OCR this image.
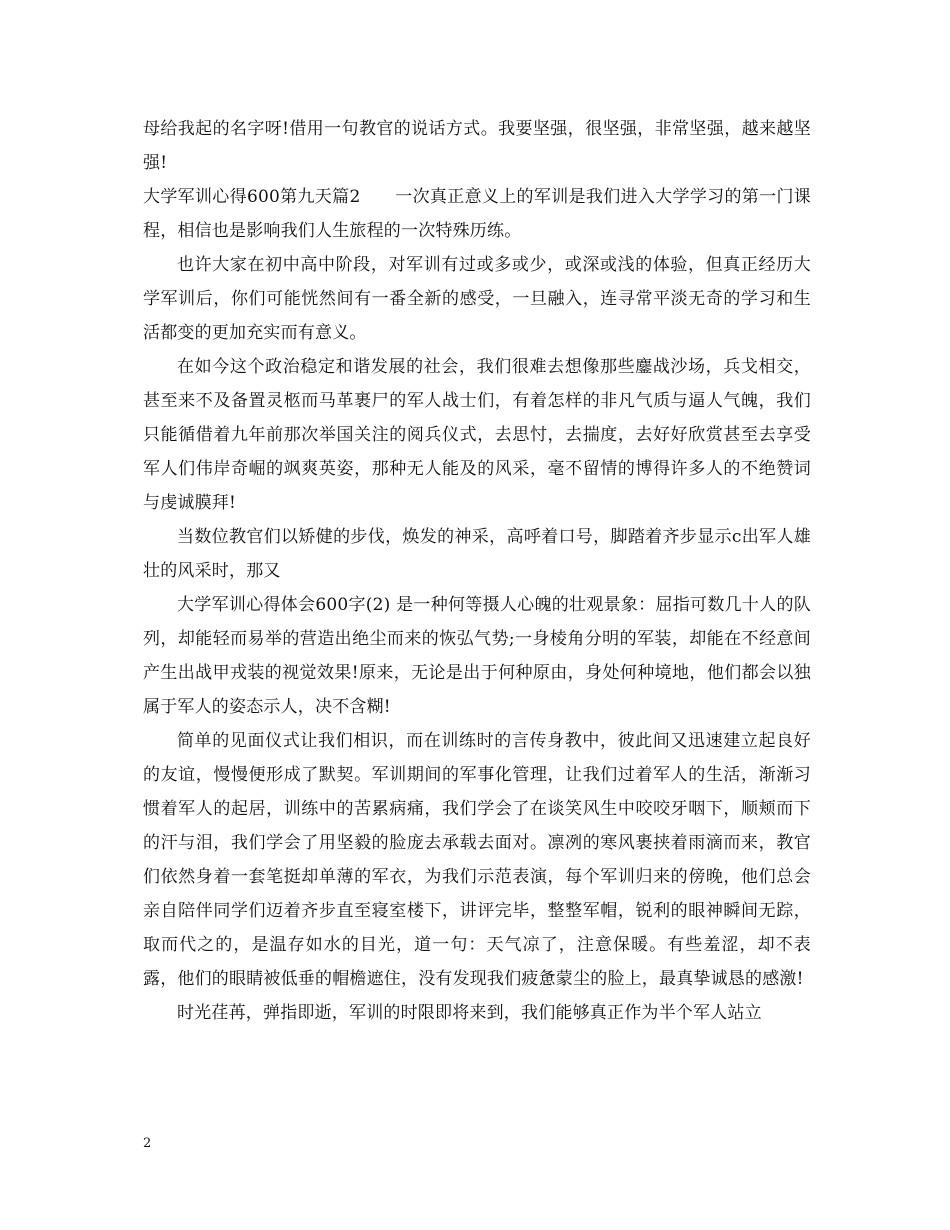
母给我起的名字呀!借用一句教官的说话方式。我要坚强，很坚强，非常坚强，越来越坚强!

大学军训心得600第九天篇2　　一次真正意义上的军训是我们进入大学学习的第一门课程，相信也是影响我们人生旅程的一次特殊历练。

也许大家在初中高中阶段，对军训有过或多或少，或深或浅的体验，但真正经历大学军训后，你们可能恍然间有一番全新的感受，一旦融入，连寻常平淡无奇的学习和生活都变的更加充实而有意义。

在如今这个政治稳定和谐发展的社会，我们很难去想像那些鏖战沙场，兵戈相交，甚至来不及备置灵柩而马革裹尸的军人战士们，有着怎样的非凡气质与逼人气魄，我们只能循借着九年前那次举国关注的阅兵仪式，去思忖，去揣度，去好好欣赏甚至去享受军人们伟岸奇崛的飒爽英姿，那种无人能及的风采，毫不留情的博得许多人的不绝赞词与虔诚膜拜!

当数位教官们以矫健的步伐，焕发的神采，高呼着口号，脚踏着齐步显示c出军人雄壮的风采时，那又

大学军训心得体会600字(2) 是一种何等摄人心魄的壮观景象：屈指可数几十人的队列，却能轻而易举的营造出绝尘而来的恢弘气势;一身棱角分明的军装，却能在不经意间产生出战甲戎装的视觉效果!原来，无论是出于何种原由，身处何种境地，他们都会以独属于军人的姿态示人，决不含糊!

简单的见面仪式让我们相识，而在训练时的言传身教中，彼此间又迅速建立起良好的友谊，慢慢便形成了默契。军训期间的军事化管理，让我们过着军人的生活，渐渐习惯着军人的起居，训练中的苦累病痛，我们学会了在谈笑风生中咬咬牙咽下，顺颊而下的汗与泪，我们学会了用坚毅的脸庞去承载去面对。凛冽的寒风裹挟着雨滴而来，教官们依然身着一套笔挺却单薄的军衣，为我们示范表演，每个军训归来的傍晚，他们总会亲自陪伴同学们迈着齐步直至寝室楼下，讲评完毕，整整军帽，锐利的眼神瞬间无踪，取而代之的，是温存如水的目光，道一句：天气凉了，注意保暖。有些羞涩，却不表露，他们的眼睛被低垂的帽檐遮住，没有发现我们疲惫蒙尘的脸上，最真挚诚恳的感激!

时光荏苒，弹指即逝，军训的时限即将来到，我们能够真正作为半个军人站立

2
